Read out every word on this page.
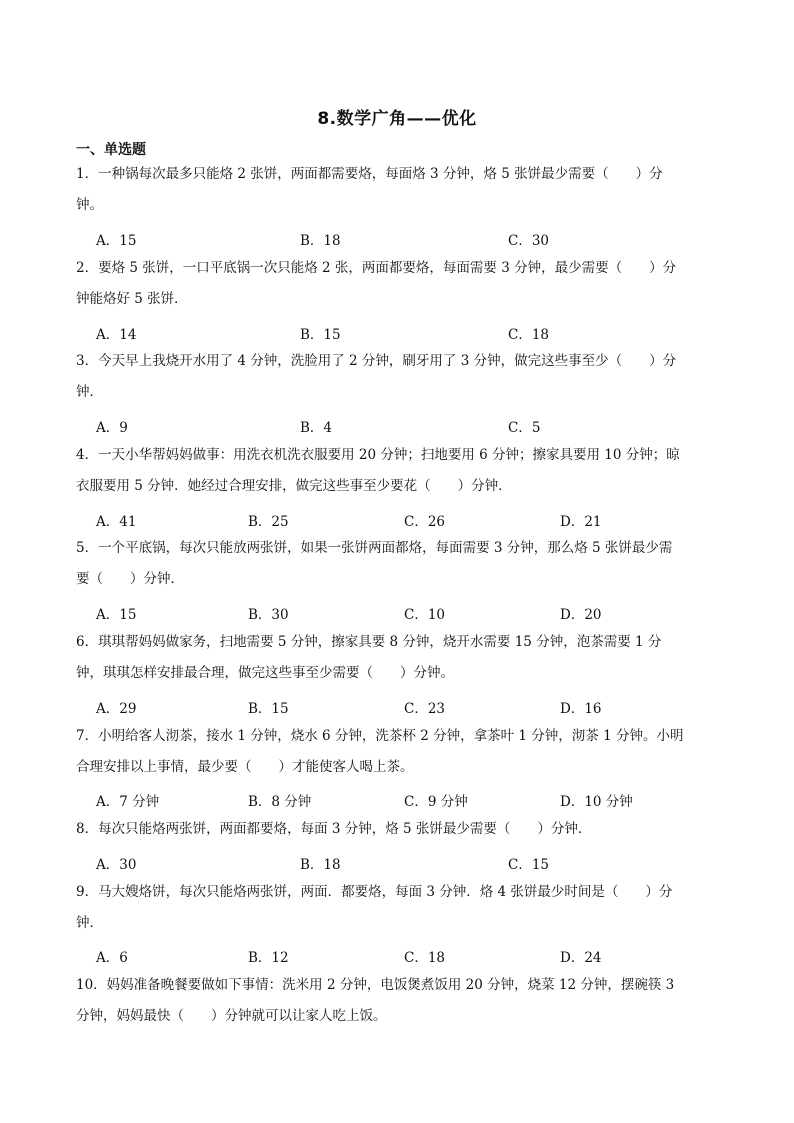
8.数学广角——优化
一、单选题
1．一种锅每次最多只能烙 2 张饼，两面都需要烙，每面烙 3 分钟，烙 5 张饼最少需要（　　）分
钟。
A．15	B．18	C．30
2．要烙 5 张饼，一口平底锅一次只能烙 2 张，两面都要烙，每面需要 3 分钟，最少需要（　　）分
钟能烙好 5 张饼．
A．14	B．15	C．18
3．今天早上我烧开水用了 4 分钟，洗脸用了 2 分钟，刷牙用了 3 分钟，做完这些事至少（　　）分
钟．
A．9	B．4	C．5
4．一天小华帮妈妈做事：用洗衣机洗衣服要用 20 分钟；扫地要用 6 分钟；擦家具要用 10 分钟；晾
衣服要用 5 分钟．她经过合理安排，做完这些事至少要花（　　）分钟．
A．41	B．25	C．26	D．21
5．一个平底锅，每次只能放两张饼，如果一张饼两面都烙，每面需要 3 分钟，那么烙 5 张饼最少需
要（　　）分钟．
A．15	B．30	C．10	D．20
6．琪琪帮妈妈做家务，扫地需要 5 分钟，擦家具要 8 分钟，烧开水需要 15 分钟，泡茶需要 1 分
钟，琪琪怎样安排最合理，做完这些事至少需要（　　）分钟。
A．29	B．15	C．23	D．16
7．小明给客人沏茶，接水 1 分钟，烧水 6 分钟，洗茶杯 2 分钟，拿茶叶 1 分钟，沏茶 1 分钟。小明
合理安排以上事情，最少要（　　）才能使客人喝上茶。
A．7 分钟	B．8 分钟	C．9 分钟	D．10 分钟
8．每次只能烙两张饼，两面都要烙，每面 3 分钟，烙 5 张饼最少需要（　　）分钟．
A．30	B．18	C．15
9．马大嫂烙饼，每次只能烙两张饼，两面．都要烙，每面 3 分钟．烙 4 张饼最少时间是（　　）分
钟．
A．6	B．12	C．18	D．24
10．妈妈准备晚餐要做如下事情：洗米用 2 分钟，电饭煲煮饭用 20 分钟，烧菜 12 分钟，摆碗筷 3
分钟，妈妈最快（　　）分钟就可以让家人吃上饭。
